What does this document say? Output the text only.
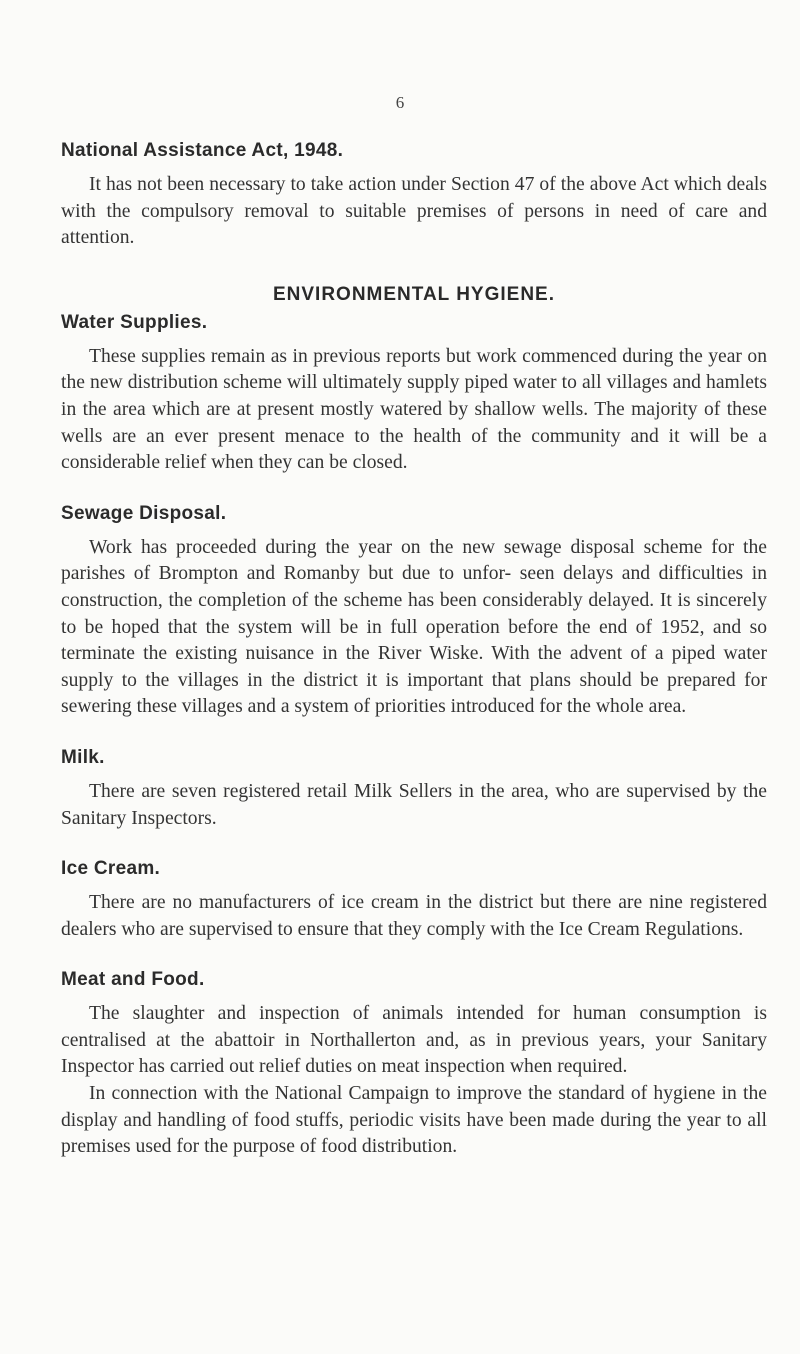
6
National Assistance Act, 1948.

It has not been necessary to take action under Section 47 of the above Act which deals with the compulsory removal to suitable premises of persons in need of care and attention.

ENVIRONMENTAL HYGIENE.
Water Supplies.

These supplies remain as in previous reports but work commenced during the year on the new distribution scheme will ultimately supply piped water to all villages and hamlets in the area which are at present mostly watered by shallow wells. The majority of these wells are an ever present menace to the health of the community and it will be a considerable relief when they can be closed.

Sewage Disposal.

Work has proceeded during the year on the new sewage disposal scheme for the parishes of Brompton and Romanby but due to unfor- seen delays and difficulties in construction, the completion of the scheme has been considerably delayed. It is sincerely to be hoped that the system will be in full operation before the end of 1952, and so terminate the existing nuisance in the River Wiske. With the advent of a piped water supply to the villages in the district it is important that plans should be prepared for sewering these villages and a system of priorities introduced for the whole area.

Milk.

There are seven registered retail Milk Sellers in the area, who are supervised by the Sanitary Inspectors.

Ice Cream.

There are no manufacturers of ice cream in the district but there are nine registered dealers who are supervised to ensure that they comply with the Ice Cream Regulations.

Meat and Food.

The slaughter and inspection of animals intended for human consumption is centralised at the abattoir in Northallerton and, as in previous years, your Sanitary Inspector has carried out relief duties on meat inspection when required.

In connection with the National Campaign to improve the standard of hygiene in the display and handling of food stuffs, periodic visits have been made during the year to all premises used for the purpose of food distribution.
